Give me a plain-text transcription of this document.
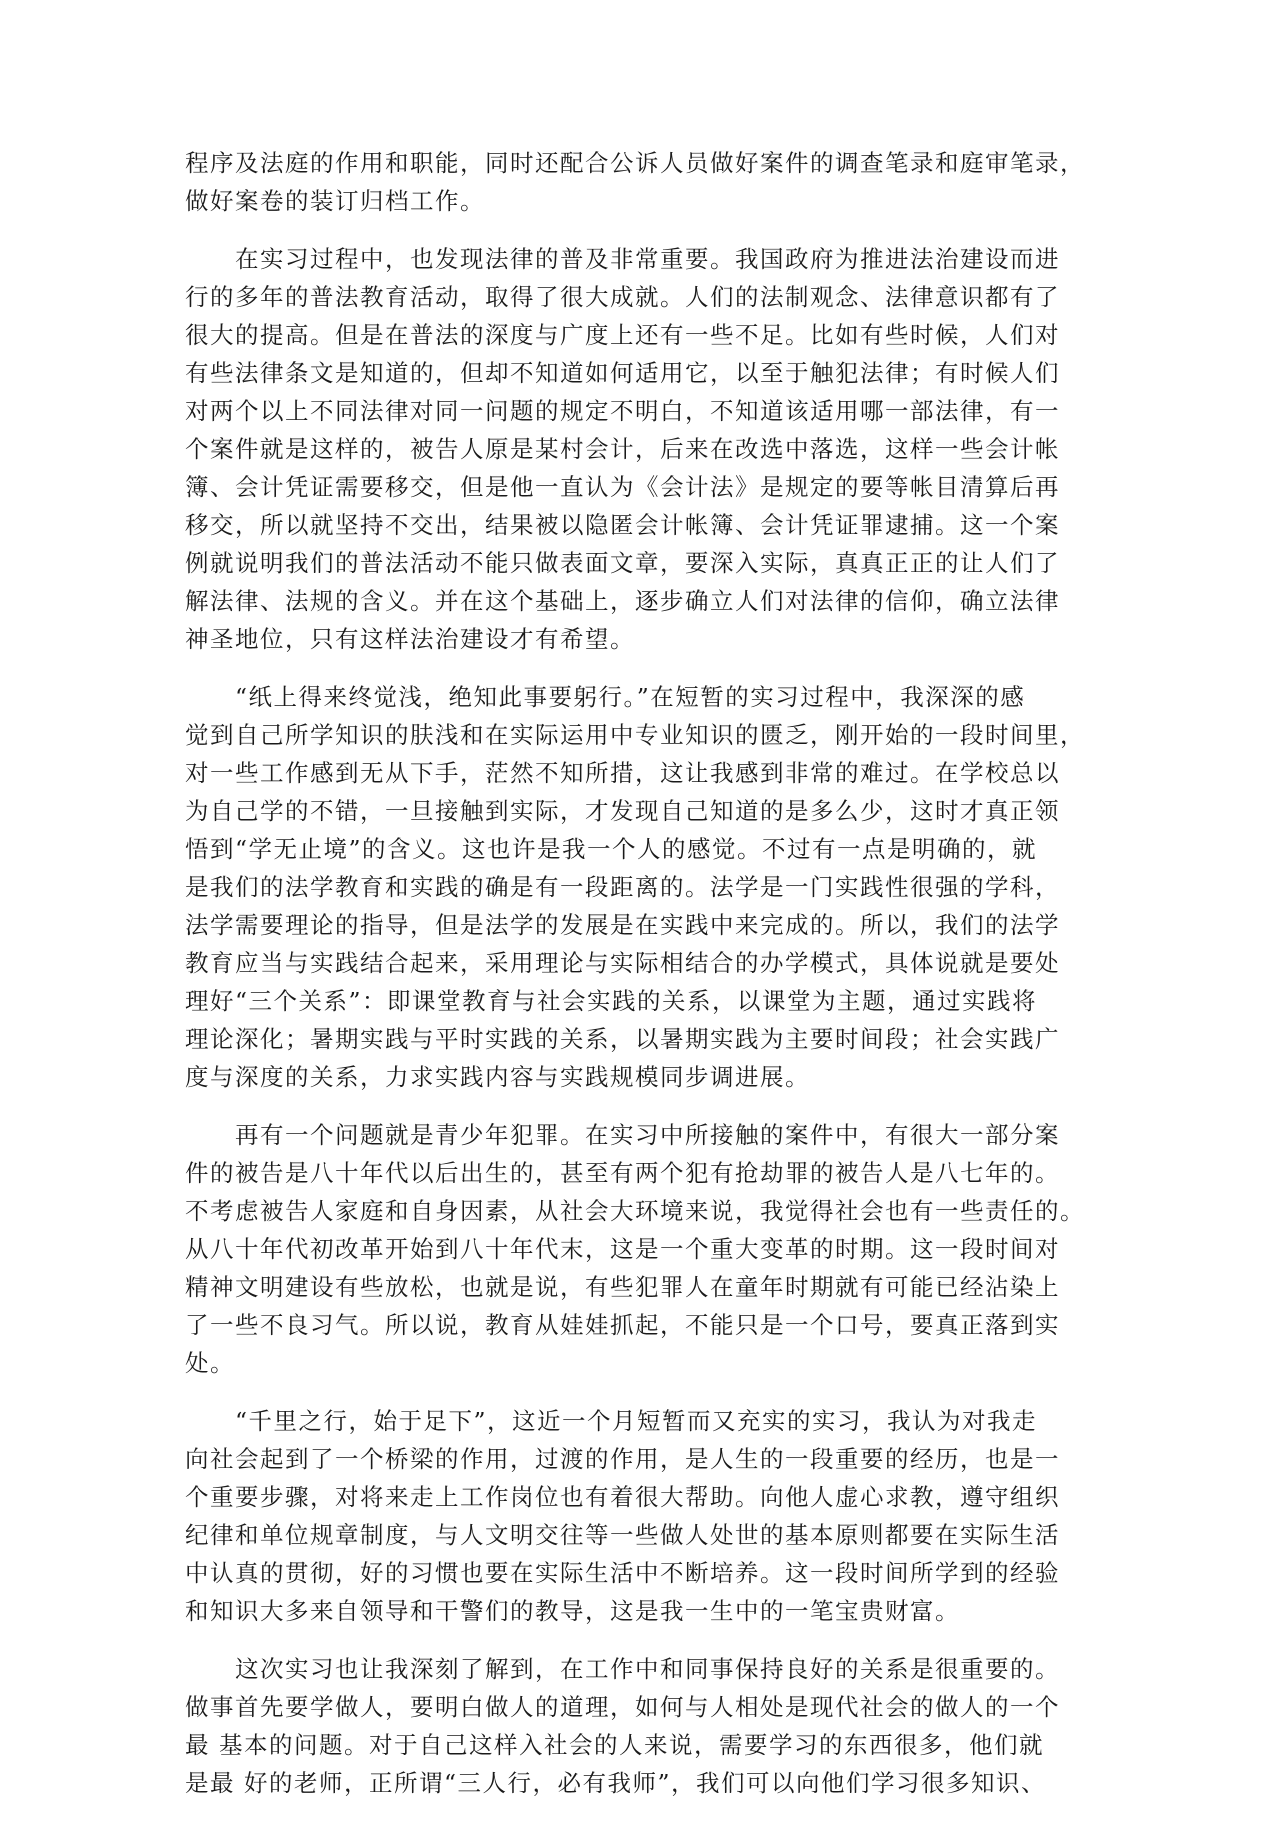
程序及法庭的作用和职能，同时还配合公诉人员做好案件的调查笔录和庭审笔录，
做好案卷的装订归档工作。
　　在实习过程中，也发现法律的普及非常重要。我国政府为推进法治建设而进
行的多年的普法教育活动，取得了很大成就。人们的法制观念、法律意识都有了
很大的提高。但是在普法的深度与广度上还有一些不足。比如有些时候，人们对
有些法律条文是知道的，但却不知道如何适用它，以至于触犯法律；有时候人们
对两个以上不同法律对同一问题的规定不明白，不知道该适用哪一部法律，有一
个案件就是这样的，被告人原是某村会计，后来在改选中落选，这样一些会计帐
簿、会计凭证需要移交，但是他一直认为《会计法》是规定的要等帐目清算后再
移交，所以就坚持不交出，结果被以隐匿会计帐簿、会计凭证罪逮捕。这一个案
例就说明我们的普法活动不能只做表面文章，要深入实际，真真正正的让人们了
解法律、法规的含义。并在这个基础上，逐步确立人们对法律的信仰，确立法律
神圣地位，只有这样法治建设才有希望。
　　“纸上得来终觉浅，绝知此事要躬行。”在短暂的实习过程中，我深深的感
觉到自己所学知识的肤浅和在实际运用中专业知识的匮乏，刚开始的一段时间里，
对一些工作感到无从下手，茫然不知所措，这让我感到非常的难过。在学校总以
为自己学的不错，一旦接触到实际，才发现自己知道的是多么少，这时才真正领
悟到“学无止境”的含义。这也许是我一个人的感觉。不过有一点是明确的，就
是我们的法学教育和实践的确是有一段距离的。法学是一门实践性很强的学科，
法学需要理论的指导，但是法学的发展是在实践中来完成的。所以，我们的法学
教育应当与实践结合起来，采用理论与实际相结合的办学模式，具体说就是要处
理好“三个关系”：即课堂教育与社会实践的关系，以课堂为主题，通过实践将
理论深化；暑期实践与平时实践的关系，以暑期实践为主要时间段；社会实践广
度与深度的关系，力求实践内容与实践规模同步调进展。
　　再有一个问题就是青少年犯罪。在实习中所接触的案件中，有很大一部分案
件的被告是八十年代以后出生的，甚至有两个犯有抢劫罪的被告人是八七年的。
不考虑被告人家庭和自身因素，从社会大环境来说，我觉得社会也有一些责任的。
从八十年代初改革开始到八十年代末，这是一个重大变革的时期。这一段时间对
精神文明建设有些放松，也就是说，有些犯罪人在童年时期就有可能已经沾染上
了一些不良习气。所以说，教育从娃娃抓起，不能只是一个口号，要真正落到实
处。
　　“千里之行，始于足下”，这近一个月短暂而又充实的实习，我认为对我走
向社会起到了一个桥梁的作用，过渡的作用，是人生的一段重要的经历，也是一
个重要步骤，对将来走上工作岗位也有着很大帮助。向他人虚心求教，遵守组织
纪律和单位规章制度，与人文明交往等一些做人处世的基本原则都要在实际生活
中认真的贯彻，好的习惯也要在实际生活中不断培养。这一段时间所学到的经验
和知识大多来自领导和干警们的教导，这是我一生中的一笔宝贵财富。
　　这次实习也让我深刻了解到，在工作中和同事保持良好的关系是很重要的。
做事首先要学做人，要明白做人的道理，如何与人相处是现代社会的做人的一个
最 基本的问题。对于自己这样入社会的人来说，需要学习的东西很多，他们就
是最 好的老师，正所谓“三人行，必有我师”，我们可以向他们学习很多知识、
